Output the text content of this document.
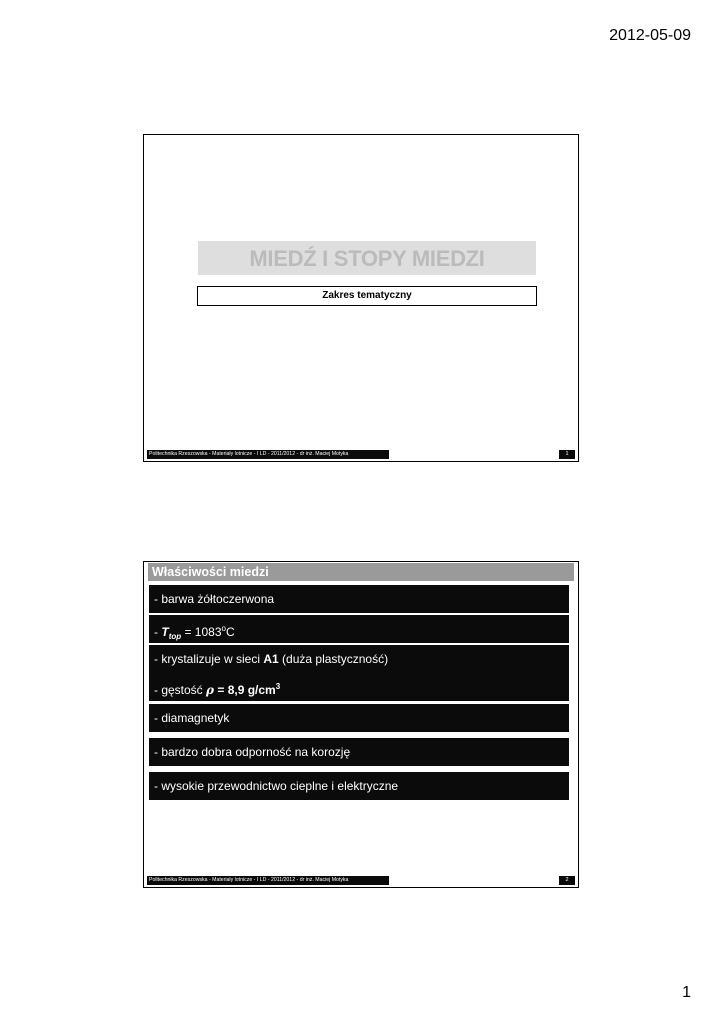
2012-05-09
MIEDŹ I STOPY MIEDZI
Zakres tematyczny
Politechnika Rzeszowska - Materiały lotnicze - I LD - 2011/2012 - dr inż. Maciej Motyka	1
Właściwości miedzi
- barwa żółtoczerwona
- $T_{top} = 1083^oC$
- krystalizuje w sieci A1 (duża plastyczność)
- gęstość ρ = 8,9 $g/cm^3$
- diamagnetyk
- bardzo dobra odporność na korozję
- wysokie przewodnictwo cieplne i elektryczne
Politechnika Rzeszowska - Materiały lotnicze - I LD - 2011/2012 - dr inż. Maciej Motyka	2
1
